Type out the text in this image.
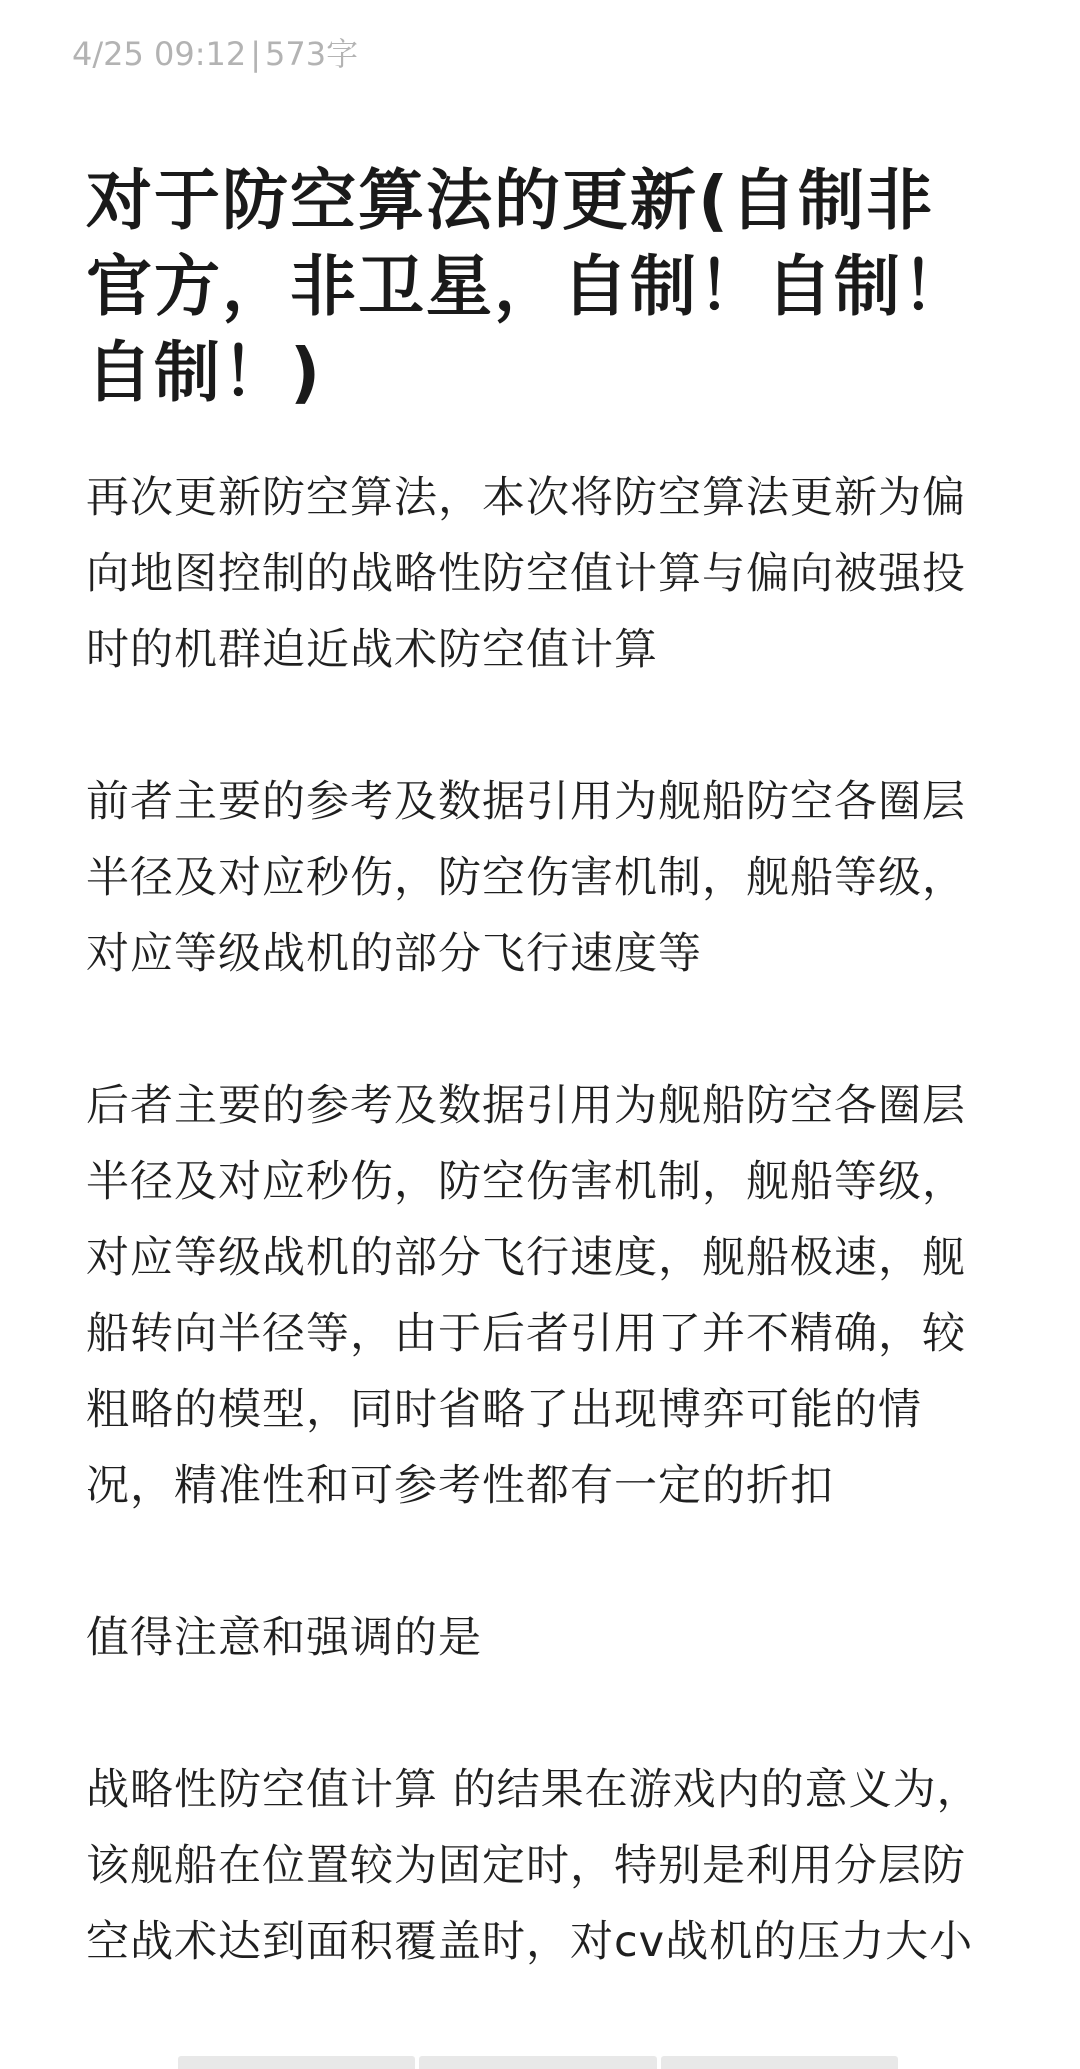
4/25 09:12 | 573字
对于防空算法的更新(自制非官方，非卫星，自制！自制！自制！)

再次更新防空算法，本次将防空算法更新为偏向地图控制的战略性防空值计算与偏向被强投时的机群迫近战术防空值计算

前者主要的参考及数据引用为舰船防空各圈层半径及对应秒伤，防空伤害机制，舰船等级，对应等级战机的部分飞行速度等

后者主要的参考及数据引用为舰船防空各圈层半径及对应秒伤，防空伤害机制，舰船等级，对应等级战机的部分飞行速度，舰船极速，舰船转向半径等，由于后者引用了并不精确，较粗略的模型，同时省略了出现博弈可能的情况，精准性和可参考性都有一定的折扣

值得注意和强调的是

战略性防空值计算 的结果在游戏内的意义为，该舰船在位置较为固定时，特别是利用分层防空战术达到面积覆盖时，对cv战机的压力大小
